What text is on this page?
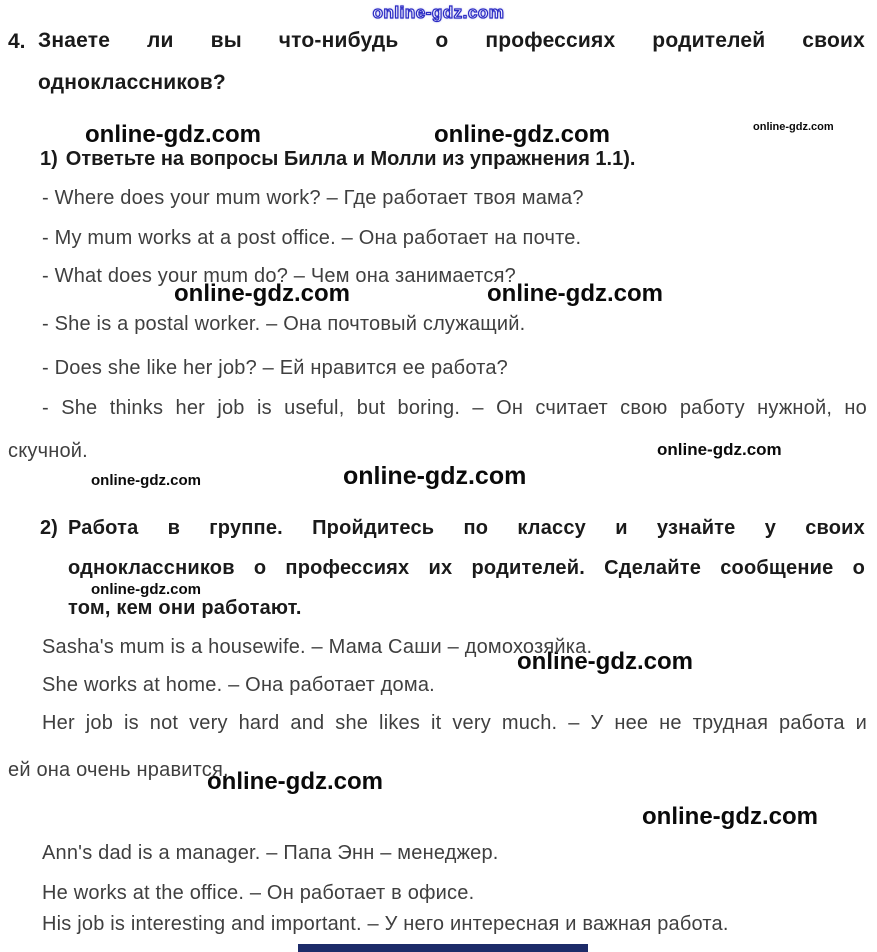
online-gdz.com
online-gdz.com	online-gdz.com	online-gdz.com
online-gdz.com	online-gdz.com
online-gdz.com
online-gdz.com	online-gdz.com
online-gdz.com
online-gdz.com
online-gdz.com
online-gdz.com
4. Знаете ли вы что-нибудь о профессиях родителей своих
одноклассников?
1) Ответьте на вопросы Билла и Молли из упражнения 1.1).
- Where does your mum work? – Где работает твоя мама?
- My mum works at a post office. – Она работает на почте.
- What does your mum do? – Чем она занимается?
- She is a postal worker. – Она почтовый служащий.
- Does she like her job? – Ей нравится ее работа?
- She thinks her job is useful, but boring. – Он считает свою работу нужной, но
скучной.
2) Работа в группе. Пройдитесь по классу и узнайте у своих
одноклассников о профессиях их родителей. Сделайте сообщение о
том, кем они работают.
Sasha's mum is a housewife. – Мама Саши – домохозяйка.
She works at home. – Она работает дома.
Her job is not very hard and she likes it very much. – У нее не трудная работа и
ей она очень нравится.
Ann's dad is a manager. – Папа Энн – менеджер.
He works at the office. – Он работает в офисе.
His job is interesting and important. – У него интересная и важная работа.
